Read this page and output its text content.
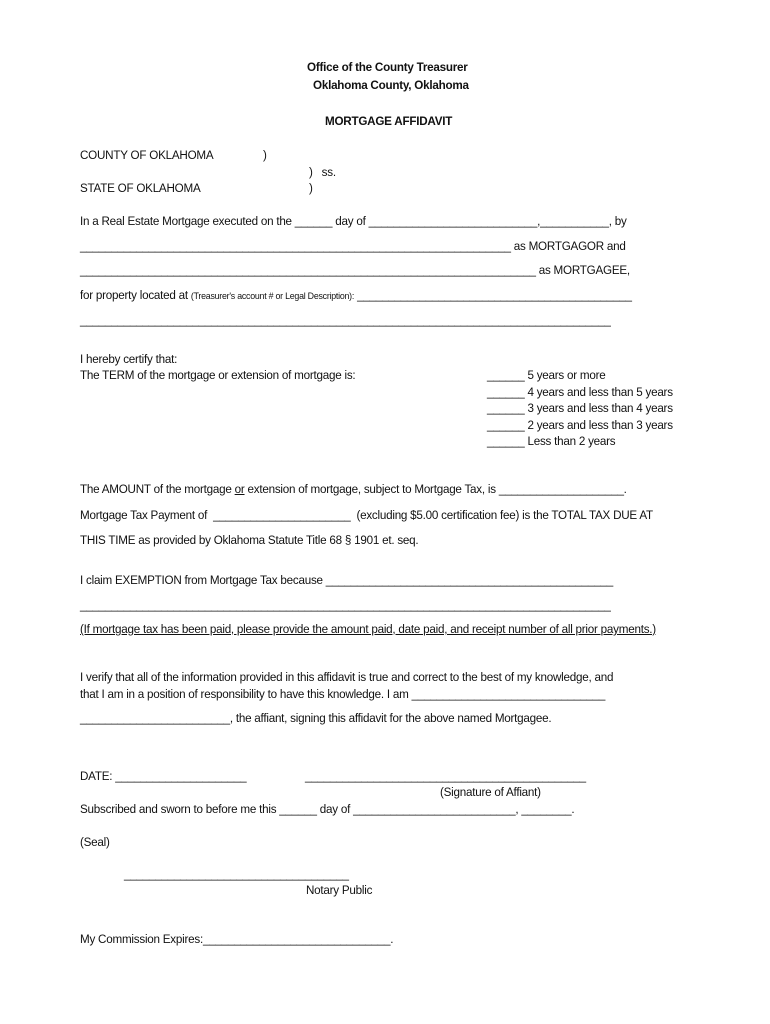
Office of the County Treasurer
Oklahoma County, Oklahoma
MORTGAGE AFFIDAVIT
COUNTY OF OKLAHOMA	)
)   ss.
STATE OF OKLAHOMA	)
In a Real Estate Mortgage executed on the ______ day of ___________________________,___________, by
_____________________________________________________________________ as MORTGAGOR and
_________________________________________________________________________ as MORTGAGEE,
for property located at (Treasurer's account # or Legal Description): ____________________________________________
_____________________________________________________________________________________
I hereby certify that:
The TERM of the mortgage or extension of mortgage is:	______ 5 years or more
______ 4 years and less than 5 years
______ 3 years and less than 4 years
______ 2 years and less than 3 years
______ Less than 2 years
The AMOUNT of the mortgage or extension of mortgage, subject to Mortgage Tax, is ____________________.
Mortgage Tax Payment of  ______________________  (excluding $5.00 certification fee) is the TOTAL TAX DUE AT
THIS TIME as provided by Oklahoma Statute Title 68 § 1901 et. seq.
I claim EXEMPTION from Mortgage Tax because ______________________________________________
_____________________________________________________________________________________
(If mortgage tax has been paid, please provide the amount paid, date paid, and receipt number of all prior payments.)
I verify that all of the information provided in this affidavit is true and correct to the best of my knowledge, and
that I am in a position of responsibility to have this knowledge. I am _______________________________
________________________, the affiant, signing this affidavit for the above named Mortgagee.
DATE: _____________________	_____________________________________________
(Signature of Affiant)
Subscribed and sworn to before me this ______ day of __________________________, ________.
(Seal)
____________________________________
Notary Public
My Commission Expires:______________________________.
